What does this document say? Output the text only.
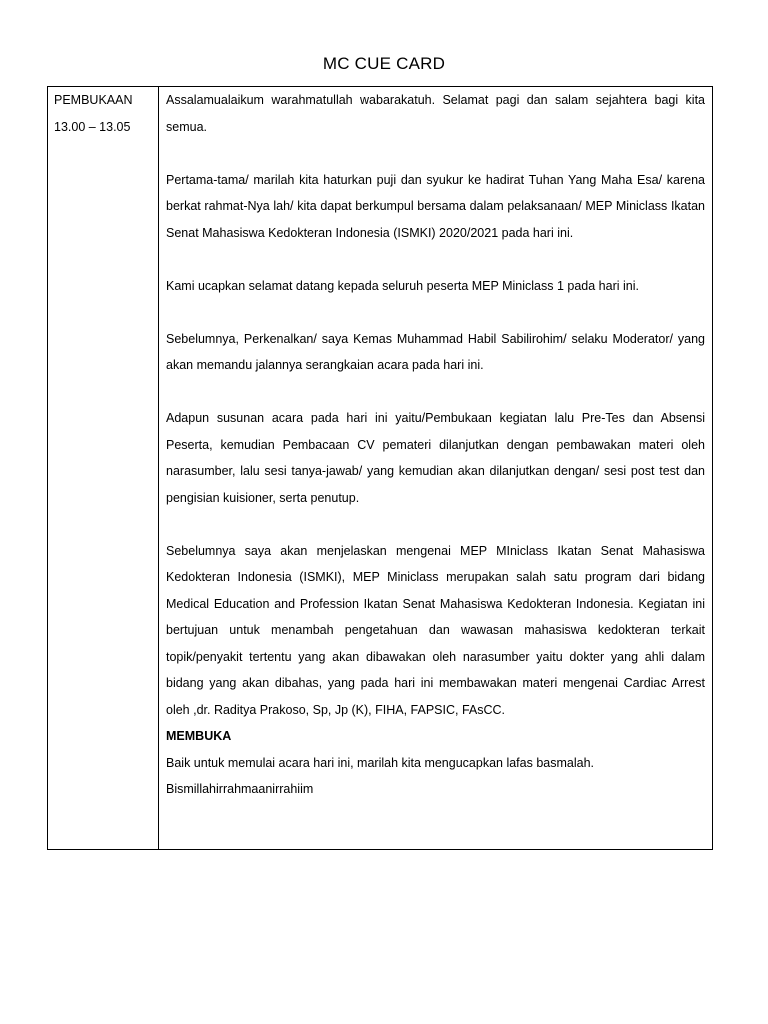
MC CUE CARD
PEMBUKAAN
13.00 – 13.05

Assalamualaikum warahmatullah wabarakatuh. Selamat pagi dan salam sejahtera bagi kita semua.

Pertama-tama/ marilah kita haturkan puji dan syukur ke hadirat Tuhan Yang Maha Esa/ karena berkat rahmat-Nya lah/ kita dapat berkumpul bersama dalam pelaksanaan/ MEP Miniclass Ikatan Senat Mahasiswa Kedokteran Indonesia (ISMKI) 2020/2021 pada hari ini.

Kami ucapkan selamat datang kepada seluruh peserta MEP Miniclass 1 pada hari ini.

Sebelumnya, Perkenalkan/ saya Kemas Muhammad Habil Sabilirohim/ selaku Moderator/ yang akan memandu jalannya serangkaian acara pada hari ini.

Adapun susunan acara pada hari ini yaitu/Pembukaan kegiatan lalu Pre-Tes dan Absensi Peserta, kemudian Pembacaan CV pemateri dilanjutkan dengan pembawakan materi oleh narasumber, lalu sesi tanya-jawab/ yang kemudian akan dilanjutkan dengan/ sesi post test dan pengisian kuisioner, serta penutup.

Sebelumnya saya akan menjelaskan mengenai MEP MIniclass Ikatan Senat Mahasiswa Kedokteran Indonesia (ISMKI), MEP Miniclass merupakan salah satu program dari bidang Medical Education and Profession Ikatan Senat Mahasiswa Kedokteran Indonesia. Kegiatan ini bertujuan untuk menambah pengetahuan dan wawasan mahasiswa kedokteran terkait topik/penyakit tertentu yang akan dibawakan oleh narasumber yaitu dokter yang ahli dalam bidang yang akan dibahas, yang pada hari ini membawakan materi mengenai Cardiac Arrest oleh ,dr. Raditya Prakoso, Sp, Jp (K), FIHA, FAPSIC, FAsCC.

MEMBUKA

Baik untuk memulai acara hari ini, marilah kita mengucapkan lafas basmalah.

Bismillahirrahmaanirrahiim
